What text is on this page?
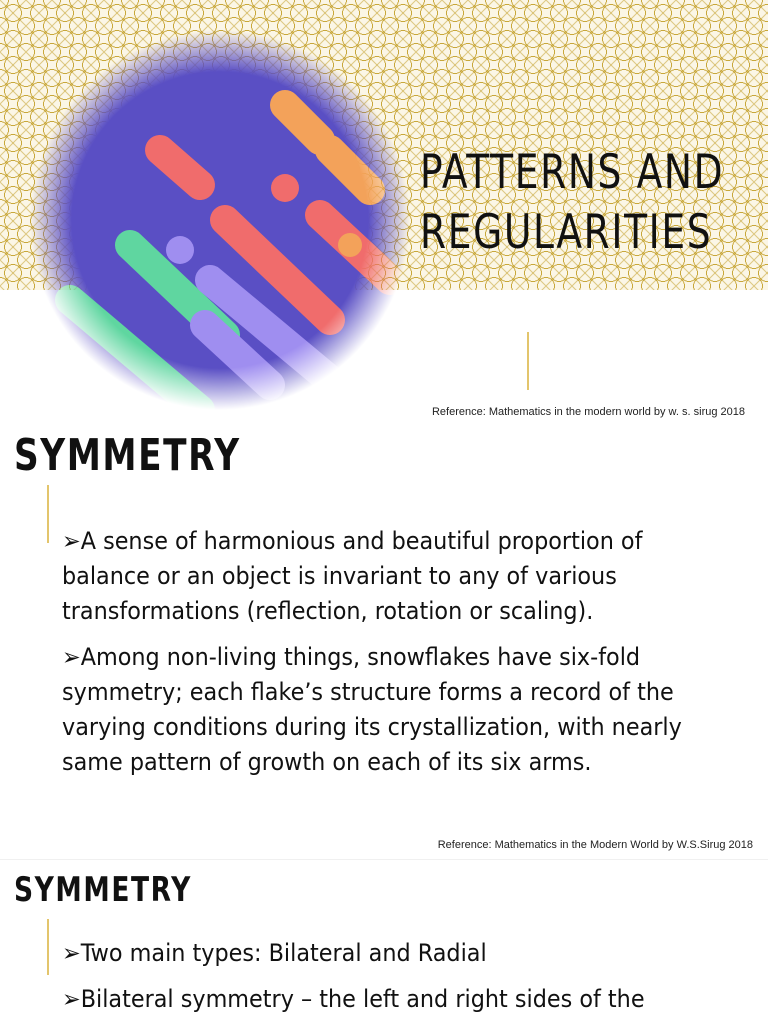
PATTERNS AND
REGULARITIES
Reference: Mathematics in the modern world by w. s. sirug 2018
SYMMETRY

➢A sense of harmonious and beautiful proportion of balance or an object is invariant to any of various transformations (reflection, rotation or scaling).

➢Among non-living things, snowflakes have six-fold symmetry; each flake’s structure forms a record of the varying conditions during its crystallization, with nearly same pattern of growth on each of its six arms.

Reference: Mathematics in the Modern World by W.S.Sirug 2018
SYMMETRY

➢Two main types: Bilateral and Radial

➢Bilateral symmetry – the left and right sides of the
